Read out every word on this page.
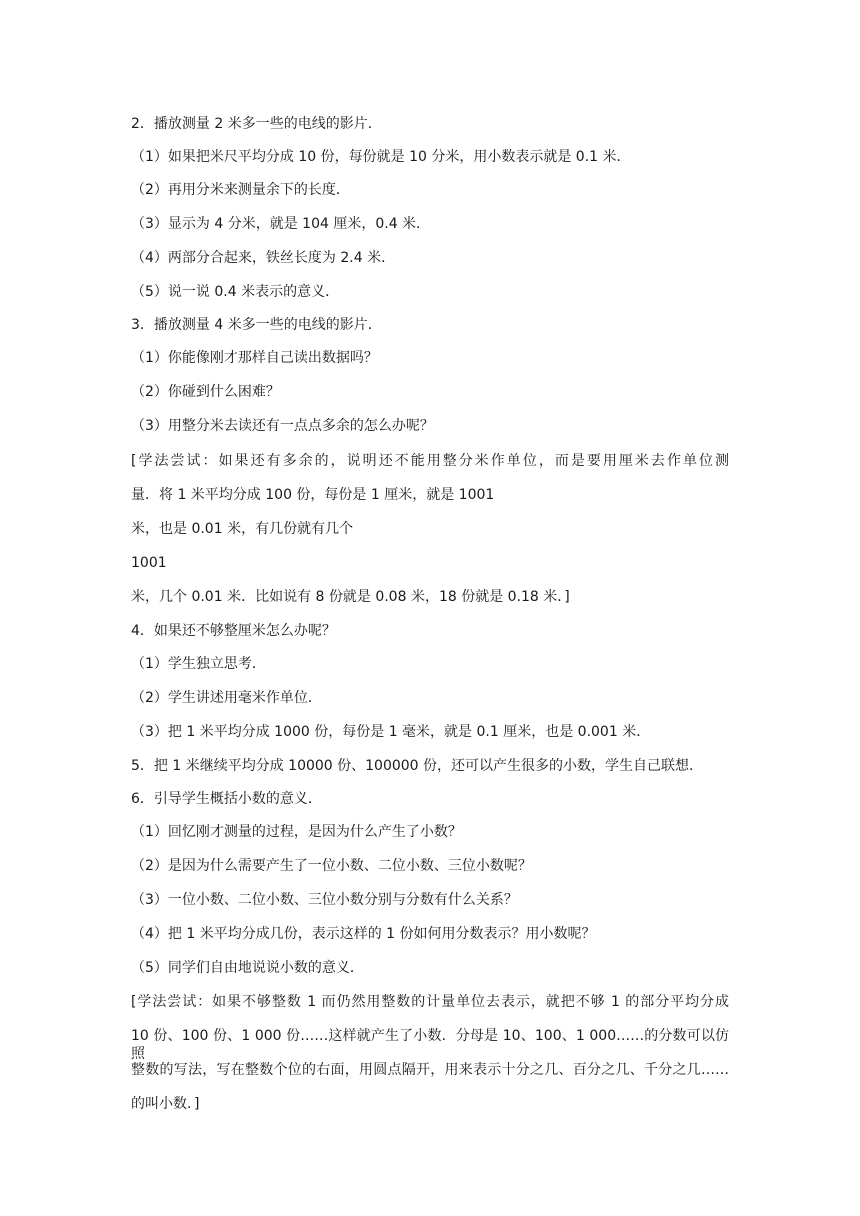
2．播放测量 2 米多一些的电线的影片．
（1）如果把米尺平均分成 10 份，每份就是 10 分米，用小数表示就是 0.1 米．
（2）再用分米来测量余下的长度．
（3）显示为 4 分米，就是 104 厘米，0.4 米．
（4）两部分合起来，铁丝长度为 2.4 米．
（5）说一说 0.4 米表示的意义．
3．播放测量 4 米多一些的电线的影片．
（1）你能像刚才那样自己读出数据吗？
（2）你碰到什么困难？
（3）用整分米去读还有一点点多余的怎么办呢？
[学法尝试：如果还有多余的，说明还不能用整分米作单位，而是要用厘米去作单位测
量．将 1 米平均分成 100 份，每份是 1 厘米，就是 1001
米，也是 0.01 米，有几份就有几个
1001
米，几个 0.01 米．比如说有 8 份就是 0.08 米，18 份就是 0.18 米．]
4．如果还不够整厘米怎么办呢？
（1）学生独立思考．
（2）学生讲述用毫米作单位．
（3）把 1 米平均分成 1000 份，每份是 1 毫米，就是 0.1 厘米，也是 0.001 米．
5．把 1 米继续平均分成 10000 份、100000 份，还可以产生很多的小数，学生自己联想．
6．引导学生概括小数的意义．
（1）回忆刚才测量的过程，是因为什么产生了小数？
（2）是因为什么需要产生了一位小数、二位小数、三位小数呢？
（3）一位小数、二位小数、三位小数分别与分数有什么关系？
（4）把 1 米平均分成几份，表示这样的 1 份如何用分数表示？用小数呢？
（5）同学们自由地说说小数的意义．
[学法尝试：如果不够整数 1 而仍然用整数的计量单位去表示，就把不够 1 的部分平均分成
10 份、100 份、1 000 份……这样就产生了小数．分母是 10、100、1 000……的分数可以仿照
整数的写法，写在整数个位的右面，用圆点隔开，用来表示十分之几、百分之几、千分之几……
的叫小数．]
